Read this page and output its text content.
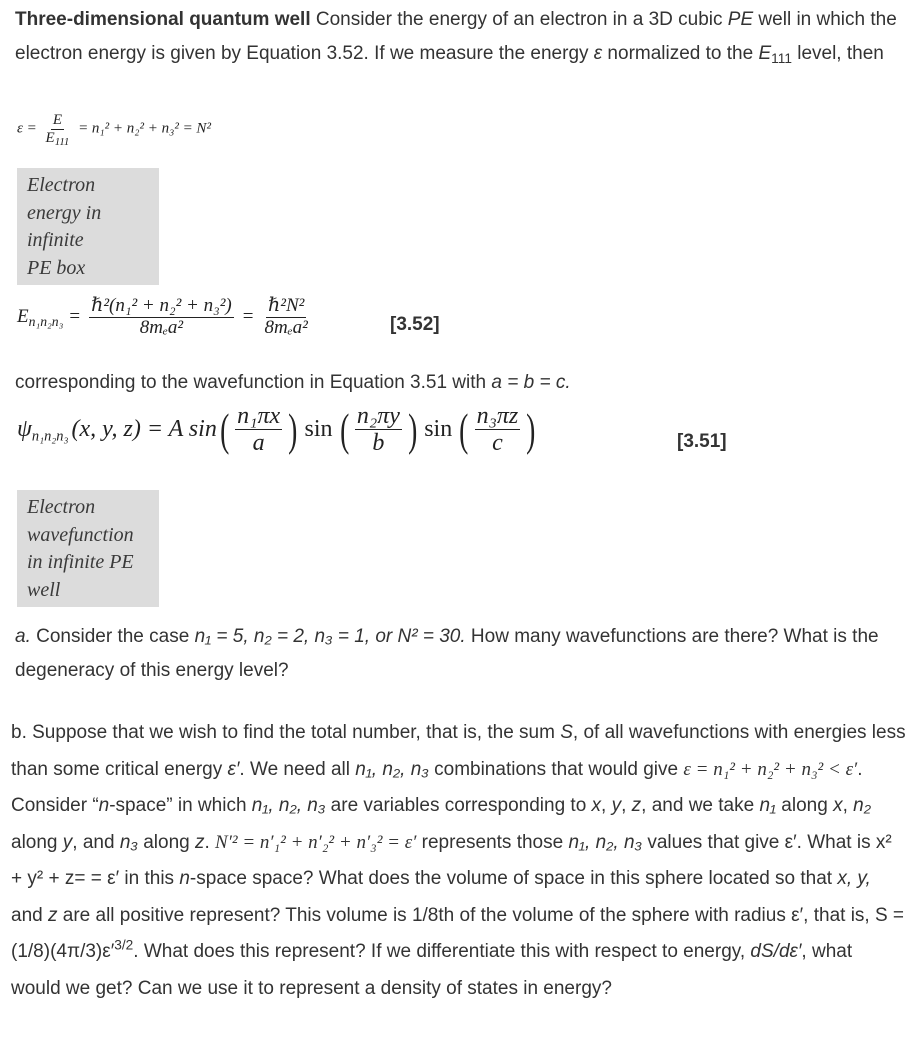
Three-dimensional quantum well Consider the energy of an electron in a 3D cubic PE well in which the electron energy is given by Equation 3.52. If we measure the energy ε normalized to the $E_{111}$ level, then
$\varepsilon = \frac{E}{E_{111}} = n_1^2 + n_2^2 + n_3^2 = N^2$
Electron
energy in
infinite
PE box
$E_{n_1n_2n_3} = \frac{\text{ℏ²(n₁² + n₂² + n₃²)}}{\text{8mₑa²}} = \frac{\text{ℏ²N²}}{\text{8mₑa²}}$	[3.52]
corresponding to the wavefunction in Equation 3.51 with a = b = c.
$\psi_{n_1n_2n_3}$ (x, y, z) = A sin ( $\frac{\text{n₁πx}}{a}$ ) sin ( $\frac{\text{n₂πy}}{b}$ ) sin ( $\frac{\text{n₃πz}}{c}$ )	[3.51]
Electron
wavefunction
in infinite PE
well
a. Consider the case n₁ = 5, n₂ = 2, n₃ = 1, or N² = 30. How many wavefunctions are there? What is the degeneracy of this energy level?
b. Suppose that we wish to find the total number, that is, the sum S, of all wavefunctions with energies less than some critical energy ε′. We need all n₁, n₂, n₃ combinations that would give ε = n₁² + n₂² + n₃² < ε′. Consider “n-space” in which n₁, n₂, n₃ are variables corresponding to x, y, z, and we take n₁ along x, n₂ along y, and n₃ along z. N′² = n′₁² + n′₂² + n′₃² = ε′ represents those n₁, n₂, n₃ values that give ε′. What is x² + y² + z= = ε′ in this n-space space? What does the volume of space in this sphere located so that x, y, and z are all positive represent? This volume is 1/8th of the volume of the sphere with radius ε′, that is, $S = (1/8)(4\pi/3)\varepsilon'^{3/2}$. What does this represent? If we differentiate this with respect to energy, dS/dε′, what would we get? Can we use it to represent a density of states in energy?
